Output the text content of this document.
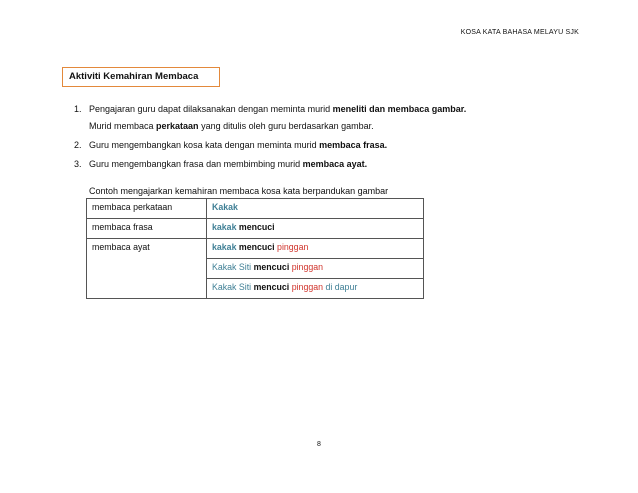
KOSA KATA BAHASA MELAYU SJK
Aktiviti Kemahiran Membaca
1. Pengajaran guru dapat dilaksanakan dengan meminta murid meneliti dan membaca gambar.
Murid membaca perkataan yang ditulis oleh guru berdasarkan gambar.
2. Guru mengembangkan kosa kata dengan meminta murid membaca frasa.
3. Guru mengembangkan frasa dan membimbing murid membaca ayat.
Contoh mengajarkan kemahiran membaca kosa kata berpandukan gambar
membaca perkataan	Kakak
membaca frasa	kakak mencuci
membaca ayat	kakak mencuci pinggan
	Kakak Siti mencuci pinggan
	Kakak Siti mencuci pinggan di dapur
8
